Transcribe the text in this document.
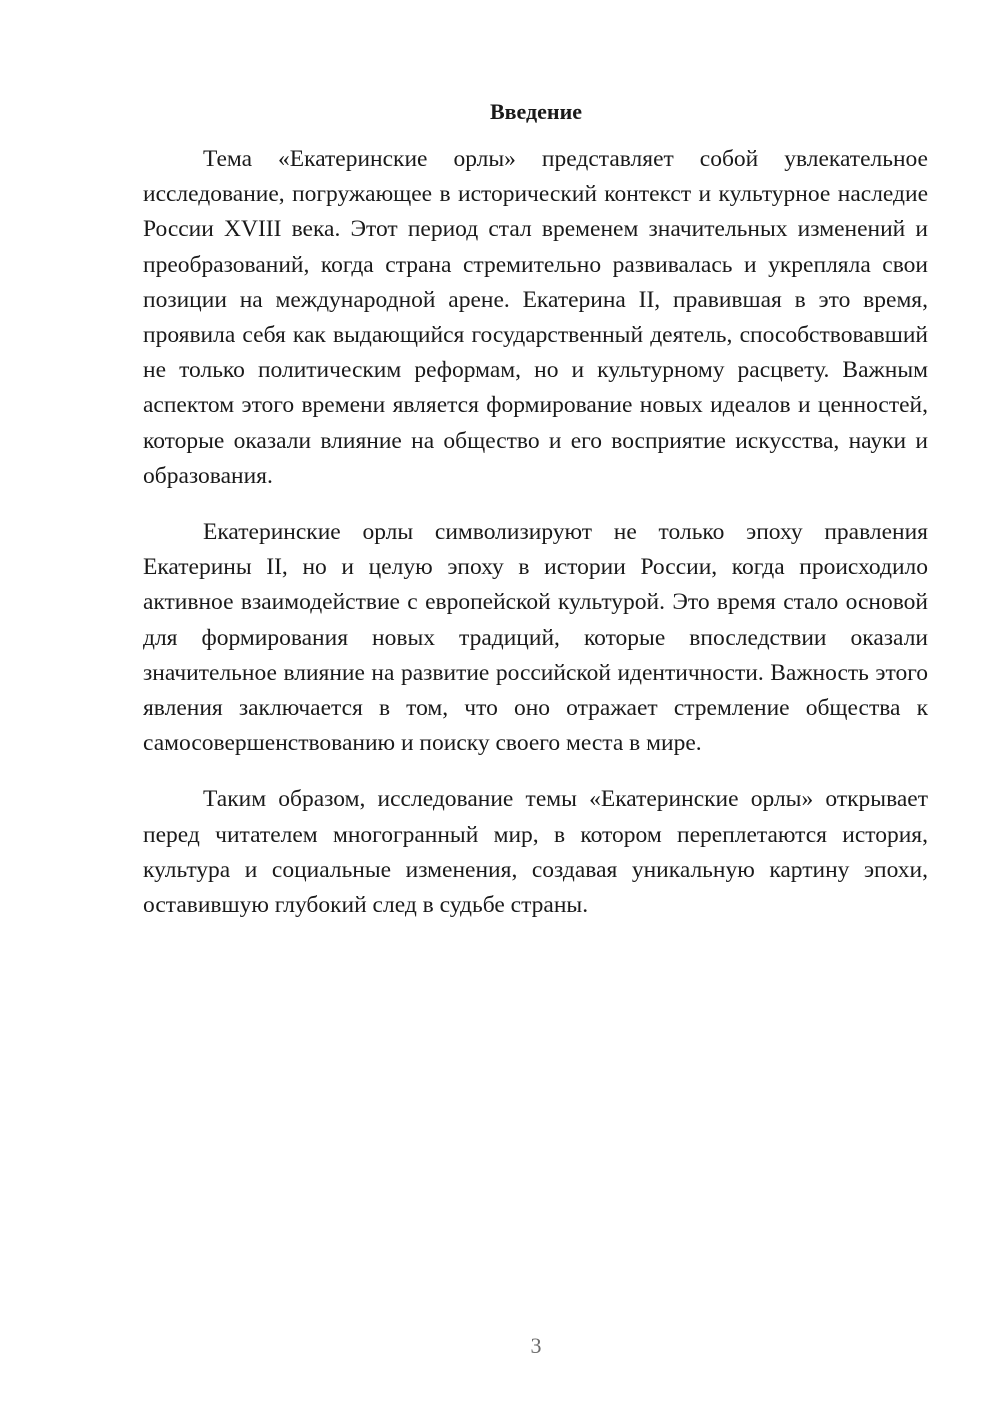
Введение

Тема «Екатеринские орлы» представляет собой увлекательное исследование, погружающее в исторический контекст и культурное наследие России XVIII века. Этот период стал временем значительных изменений и преобразований, когда страна стремительно развивалась и укрепляла свои позиции на международной арене. Екатерина II, правившая в это время, проявила себя как выдающийся государственный деятель, способствовавший не только политическим реформам, но и культурному расцвету. Важным аспектом этого времени является формирование новых идеалов и ценностей, которые оказали влияние на общество и его восприятие искусства, науки и образования.

Екатеринские орлы символизируют не только эпоху правления Екатерины II, но и целую эпоху в истории России, когда происходило активное взаимодействие с европейской культурой. Это время стало основой для формирования новых традиций, которые впоследствии оказали значительное влияние на развитие российской идентичности. Важность этого явления заключается в том, что оно отражает стремление общества к самосовершенствованию и поиску своего места в мире.

Таким образом, исследование темы «Екатеринские орлы» открывает перед читателем многогранный мир, в котором переплетаются история, культура и социальные изменения, создавая уникальную картину эпохи, оставившую глубокий след в судьбе страны.

3
